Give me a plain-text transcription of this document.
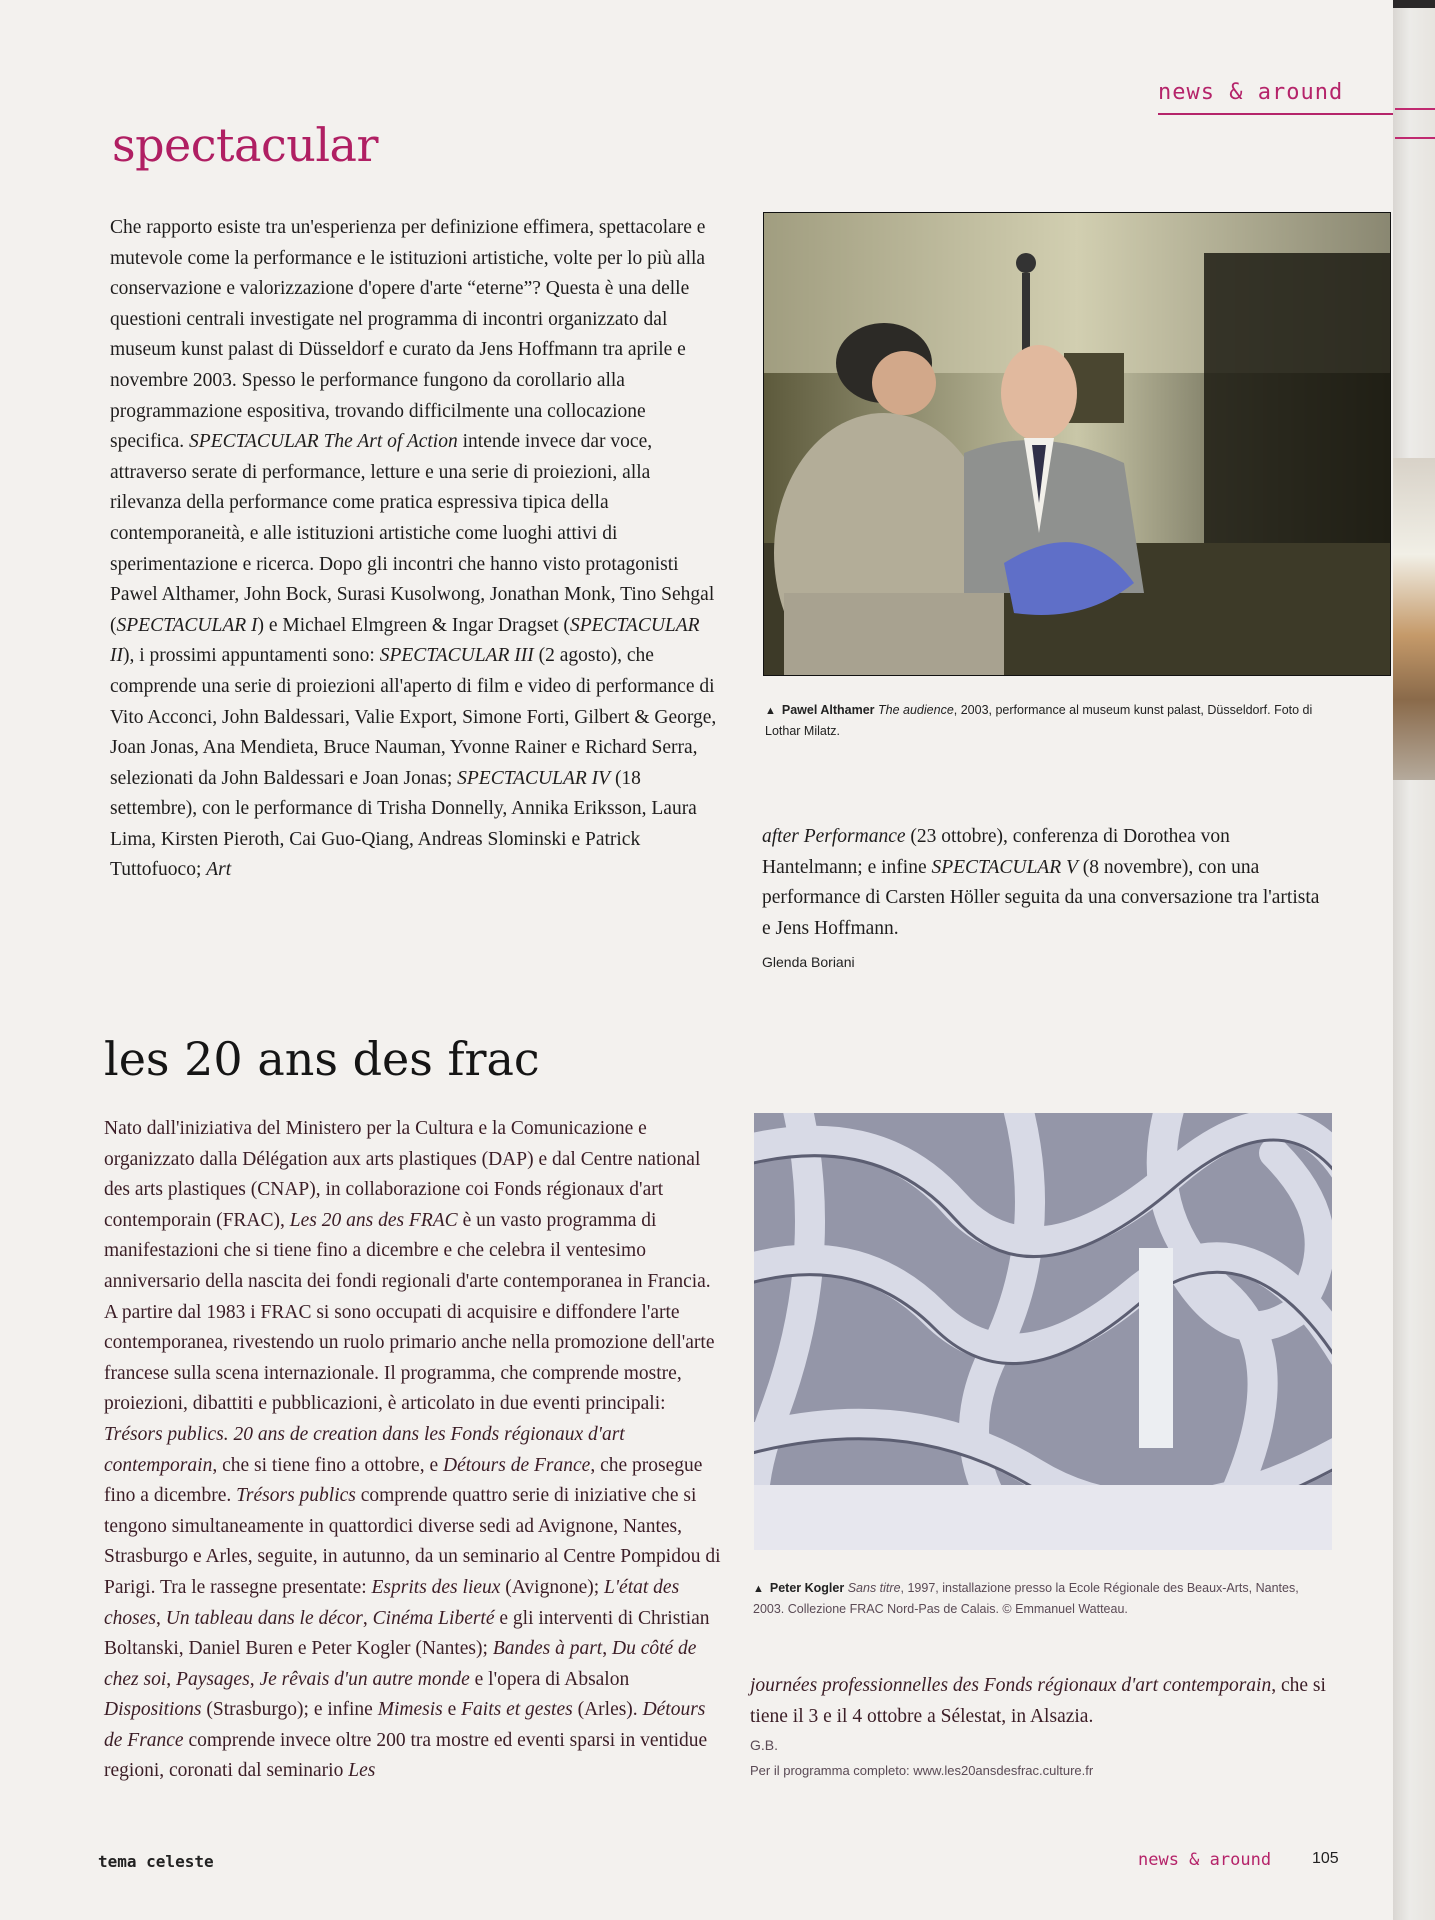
news & around
spectacular
Che rapporto esiste tra un'esperienza per definizione effimera, spettacolare e mutevole come la performance e le istituzioni artistiche, volte per lo più alla conservazione e valorizzazione d'opere d'arte “eterne”? Questa è una delle questioni centrali investigate nel programma di incontri organizzato dal museum kunst palast di Düsseldorf e curato da Jens Hoffmann tra aprile e novembre 2003. Spesso le performance fungono da corollario alla programmazione espositiva, trovando difficilmente una collocazione specifica. SPECTACULAR The Art of Action intende invece dar voce, attraverso serate di performance, letture e una serie di proiezioni, alla rilevanza della performance come pratica espressiva tipica della contemporaneità, e alle istituzioni artistiche come luoghi attivi di sperimentazione e ricerca. Dopo gli incontri che hanno visto protagonisti Pawel Althamer, John Bock, Surasi Kusolwong, Jonathan Monk, Tino Sehgal (SPECTACULAR I) e Michael Elmgreen & Ingar Dragset (SPECTACULAR II), i prossimi appuntamenti sono: SPECTACULAR III (2 agosto), che comprende una serie di proiezioni all'aperto di film e video di performance di Vito Acconci, John Baldessari, Valie Export, Simone Forti, Gilbert & George, Joan Jonas, Ana Mendieta, Bruce Nauman, Yvonne Rainer e Richard Serra, selezionati da John Baldessari e Joan Jonas; SPECTACULAR IV (18 settembre), con le performance di Trisha Donnelly, Annika Eriksson, Laura Lima, Kirsten Pieroth, Cai Guo-Qiang, Andreas Slominski e Patrick Tuttofuoco; Art
▲ Pawel Althamer The audience, 2003, performance al museum kunst palast, Düsseldorf. Foto di Lothar Milatz.
after Performance (23 ottobre), conferenza di Dorothea von Hantelmann; e infine SPECTACULAR V (8 novembre), con una performance di Carsten Höller seguita da una conversazione tra l'artista e Jens Hoffmann.
Glenda Boriani
les 20 ans des frac
Nato dall'iniziativa del Ministero per la Cultura e la Comunicazione e organizzato dalla Délégation aux arts plastiques (DAP) e dal Centre national des arts plastiques (CNAP), in collaborazione coi Fonds régionaux d'art contemporain (FRAC), Les 20 ans des FRAC è un vasto programma di manifestazioni che si tiene fino a dicembre e che celebra il ventesimo anniversario della nascita dei fondi regionali d'arte contemporanea in Francia. A partire dal 1983 i FRAC si sono occupati di acquisire e diffondere l'arte contemporanea, rivestendo un ruolo primario anche nella promozione dell'arte francese sulla scena internazionale. Il programma, che comprende mostre, proiezioni, dibattiti e pubblicazioni, è articolato in due eventi principali: Trésors publics. 20 ans de creation dans les Fonds régionaux d'art contemporain, che si tiene fino a ottobre, e Détours de France, che prosegue fino a dicembre. Trésors publics comprende quattro serie di iniziative che si tengono simultaneamente in quattordici diverse sedi ad Avignone, Nantes, Strasburgo e Arles, seguite, in autunno, da un seminario al Centre Pompidou di Parigi. Tra le rassegne presentate: Esprits des lieux (Avignone); L'état des choses, Un tableau dans le décor, Cinéma Liberté e gli interventi di Christian Boltanski, Daniel Buren e Peter Kogler (Nantes); Bandes à part, Du côté de chez soi, Paysages, Je rêvais d'un autre monde e l'opera di Absalon Dispositions (Strasburgo); e infine Mimesis e Faits et gestes (Arles). Détours de France comprende invece oltre 200 tra mostre ed eventi sparsi in ventidue regioni, coronati dal seminario Les
▲ Peter Kogler Sans titre, 1997, installazione presso la Ecole Régionale des Beaux-Arts, Nantes, 2003. Collezione FRAC Nord-Pas de Calais. © Emmanuel Watteau.
journées professionnelles des Fonds régionaux d'art contemporain, che si tiene il 3 e il 4 ottobre a Sélestat, in Alsazia.
G.B.
Per il programma completo: www.les20ansdesfrac.culture.fr
tema celeste	news & around	105
